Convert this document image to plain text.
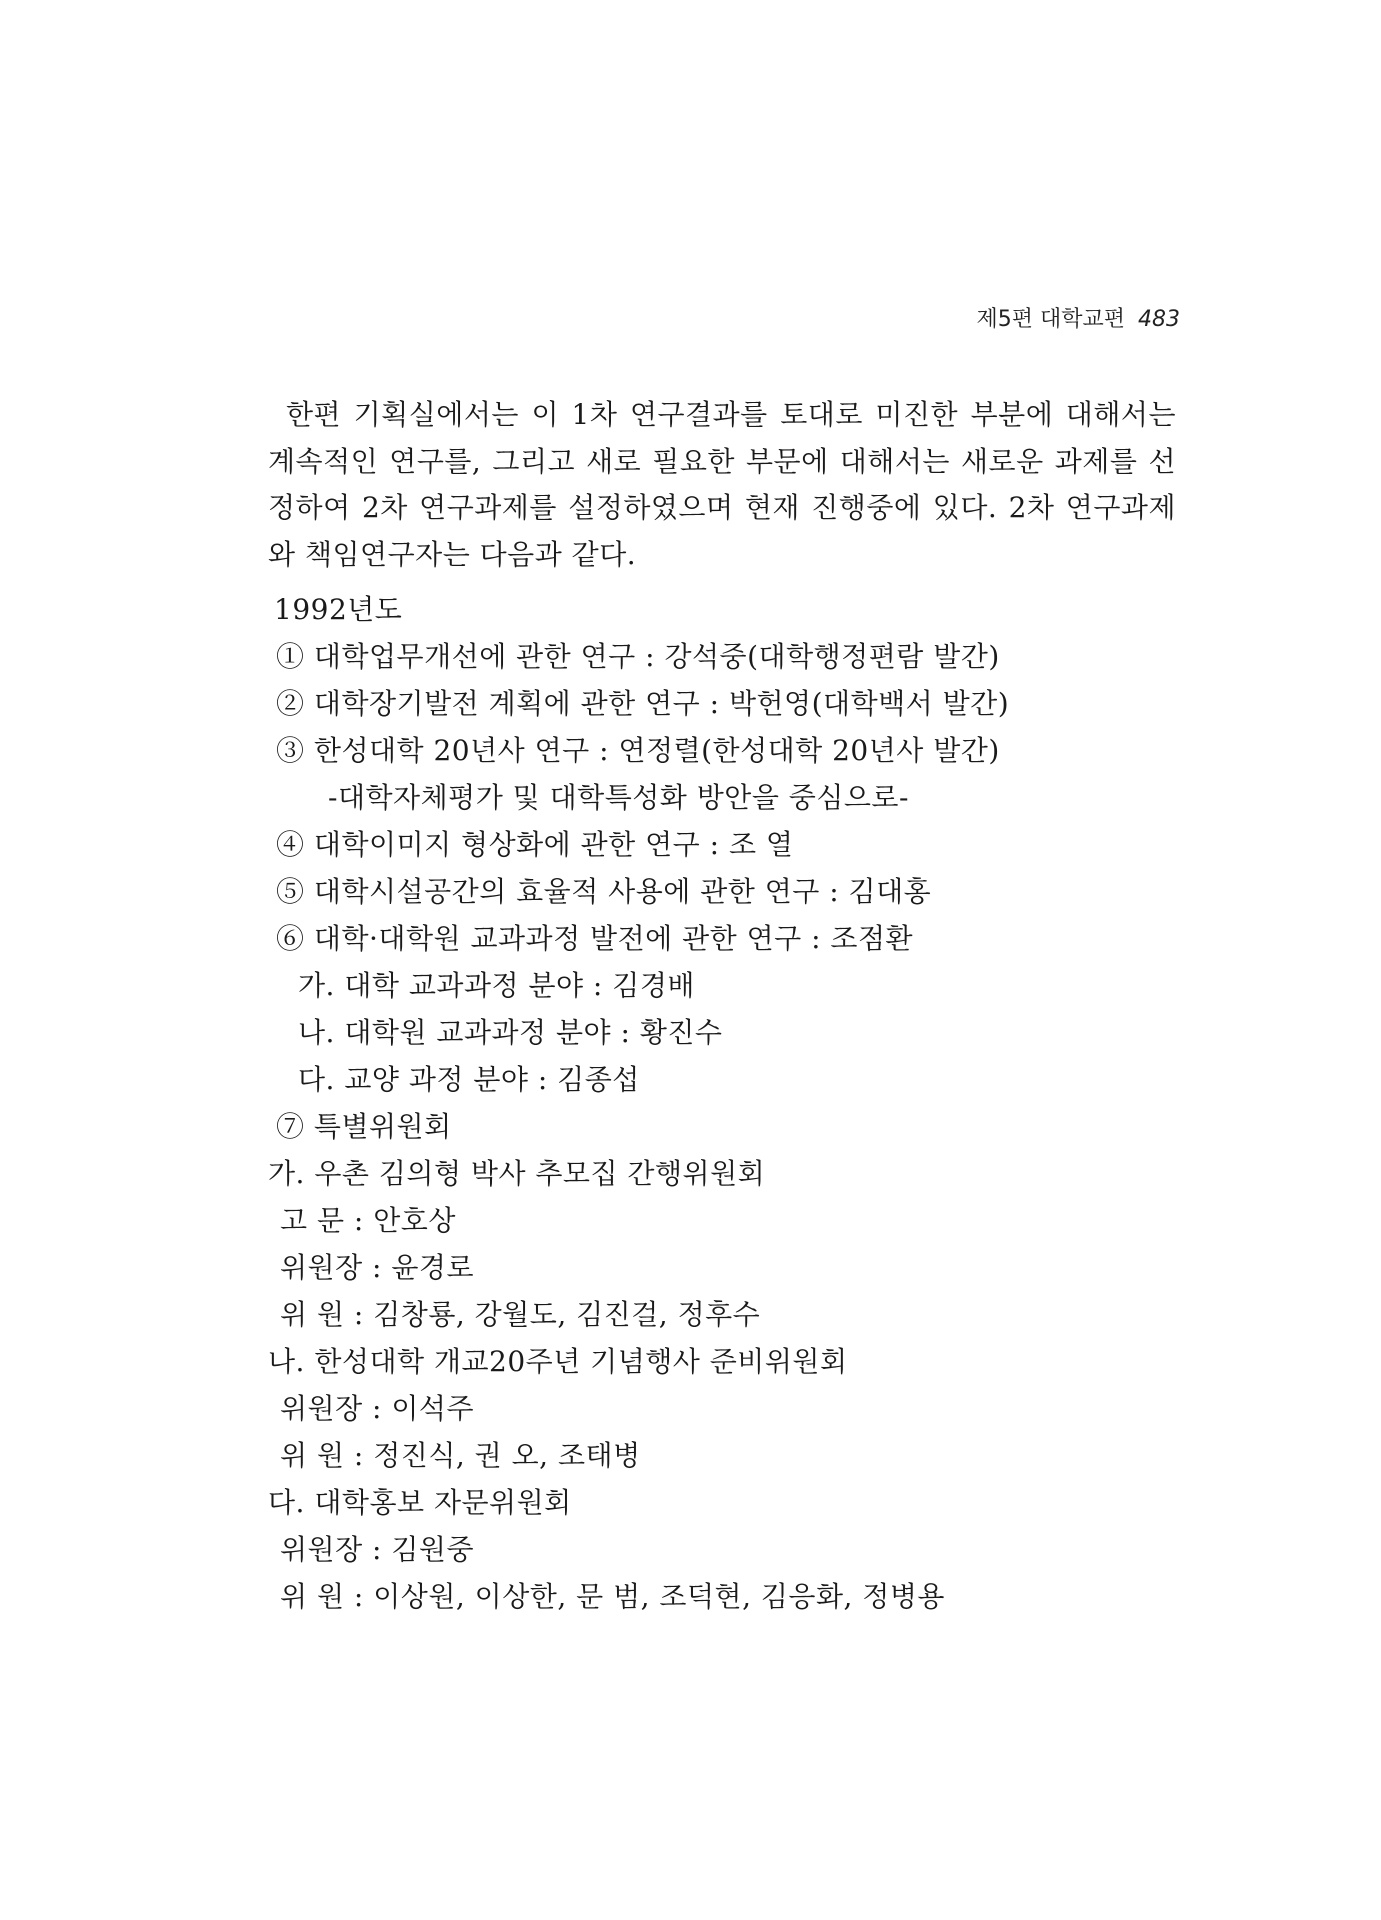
제5편 대학교편 483

한편 기획실에서는 이 1차 연구결과를 토대로 미진한 부분에 대해서는 계속적인 연구를, 그리고 새로 필요한 부문에 대해서는 새로운 과제를 선정하여 2차 연구과제를 설정하였으며 현재 진행중에 있다. 2차 연구과제와 책임연구자는 다음과 같다.

1992년도
① 대학업무개선에 관한 연구 : 강석중(대학행정편람 발간)
② 대학장기발전 계획에 관한 연구 : 박헌영(대학백서 발간)
③ 한성대학 20년사 연구 : 연정렬(한성대학 20년사 발간)
-대학자체평가 및 대학특성화 방안을 중심으로-
④ 대학이미지 형상화에 관한 연구 : 조 열
⑤ 대학시설공간의 효율적 사용에 관한 연구 : 김대홍
⑥ 대학·대학원 교과과정 발전에 관한 연구 : 조점환
가. 대학 교과과정 분야 : 김경배
나. 대학원 교과과정 분야 : 황진수
다. 교양 과정 분야 : 김종섭
⑦ 특별위원회
가. 우촌 김의형 박사 추모집 간행위원회
고 문 : 안호상
위원장 : 윤경로
위 원 : 김창룡, 강월도, 김진걸, 정후수
나. 한성대학 개교20주년 기념행사 준비위원회
위원장 : 이석주
위 원 : 정진식, 권 오, 조태병
다. 대학홍보 자문위원회
위원장 : 김원중
위 원 : 이상원, 이상한, 문 범, 조덕현, 김응화, 정병용
